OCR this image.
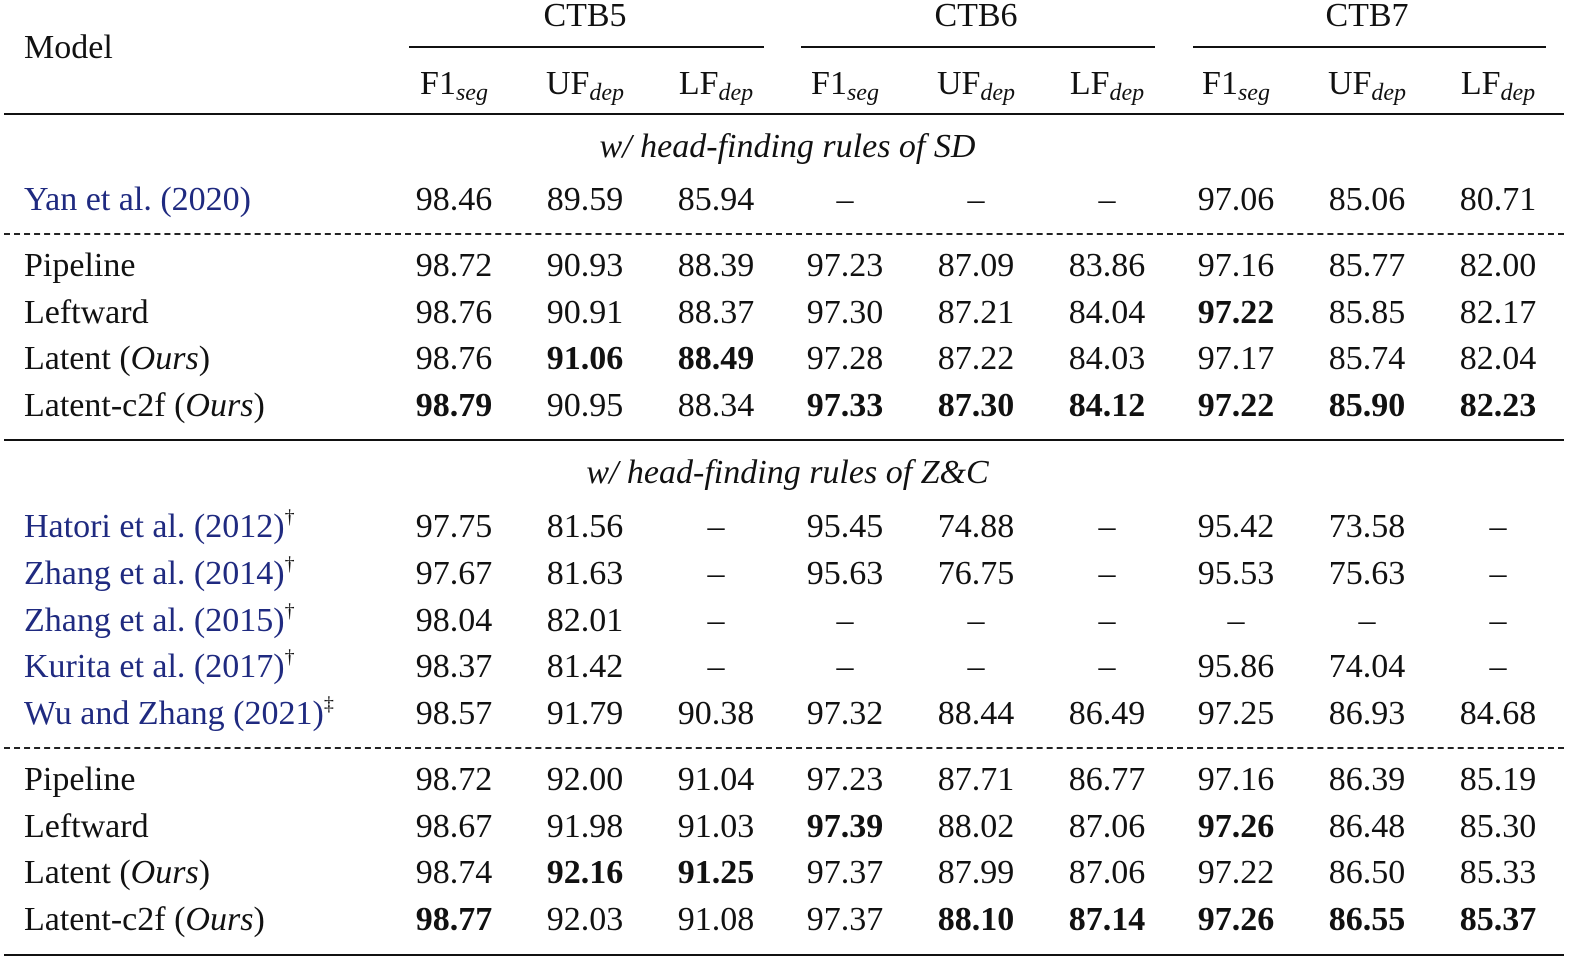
Model
CTB5	CTB6	CTB7
$F1_{seg}$	$UF_{dep}$	$LF_{dep}$	$F1_{seg}$	$UF_{dep}$	$LF_{dep}$	$F1_{seg}$	$UF_{dep}$	$LF_{dep}$
w/ head-finding rules of SD
Yan et al. (2020)	98.46	89.59	85.94	–	–	–	97.06	85.06	80.71
Pipeline	98.72	90.93	88.39	97.23	87.09	83.86	97.16	85.77	82.00
Leftward	98.76	90.91	88.37	97.30	87.21	84.04	97.22	85.85	82.17
Latent (Ours)	98.76	91.06	88.49	97.28	87.22	84.03	97.17	85.74	82.04
Latent-c2f (Ours)	98.79	90.95	88.34	97.33	87.30	84.12	97.22	85.90	82.23
w/ head-finding rules of Z&C
Hatori et al. (2012)†	97.75	81.56	–	95.45	74.88	–	95.42	73.58	–
Zhang et al. (2014)†	97.67	81.63	–	95.63	76.75	–	95.53	75.63	–
Zhang et al. (2015)†	98.04	82.01	–	–	–	–	–	–	–
Kurita et al. (2017)†	98.37	81.42	–	–	–	–	95.86	74.04	–
Wu and Zhang (2021)‡	98.57	91.79	90.38	97.32	88.44	86.49	97.25	86.93	84.68
Pipeline	98.72	92.00	91.04	97.23	87.71	86.77	97.16	86.39	85.19
Leftward	98.67	91.98	91.03	97.39	88.02	87.06	97.26	86.48	85.30
Latent (Ours)	98.74	92.16	91.25	97.37	87.99	87.06	97.22	86.50	85.33
Latent-c2f (Ours)	98.77	92.03	91.08	97.37	88.10	87.14	97.26	86.55	85.37
